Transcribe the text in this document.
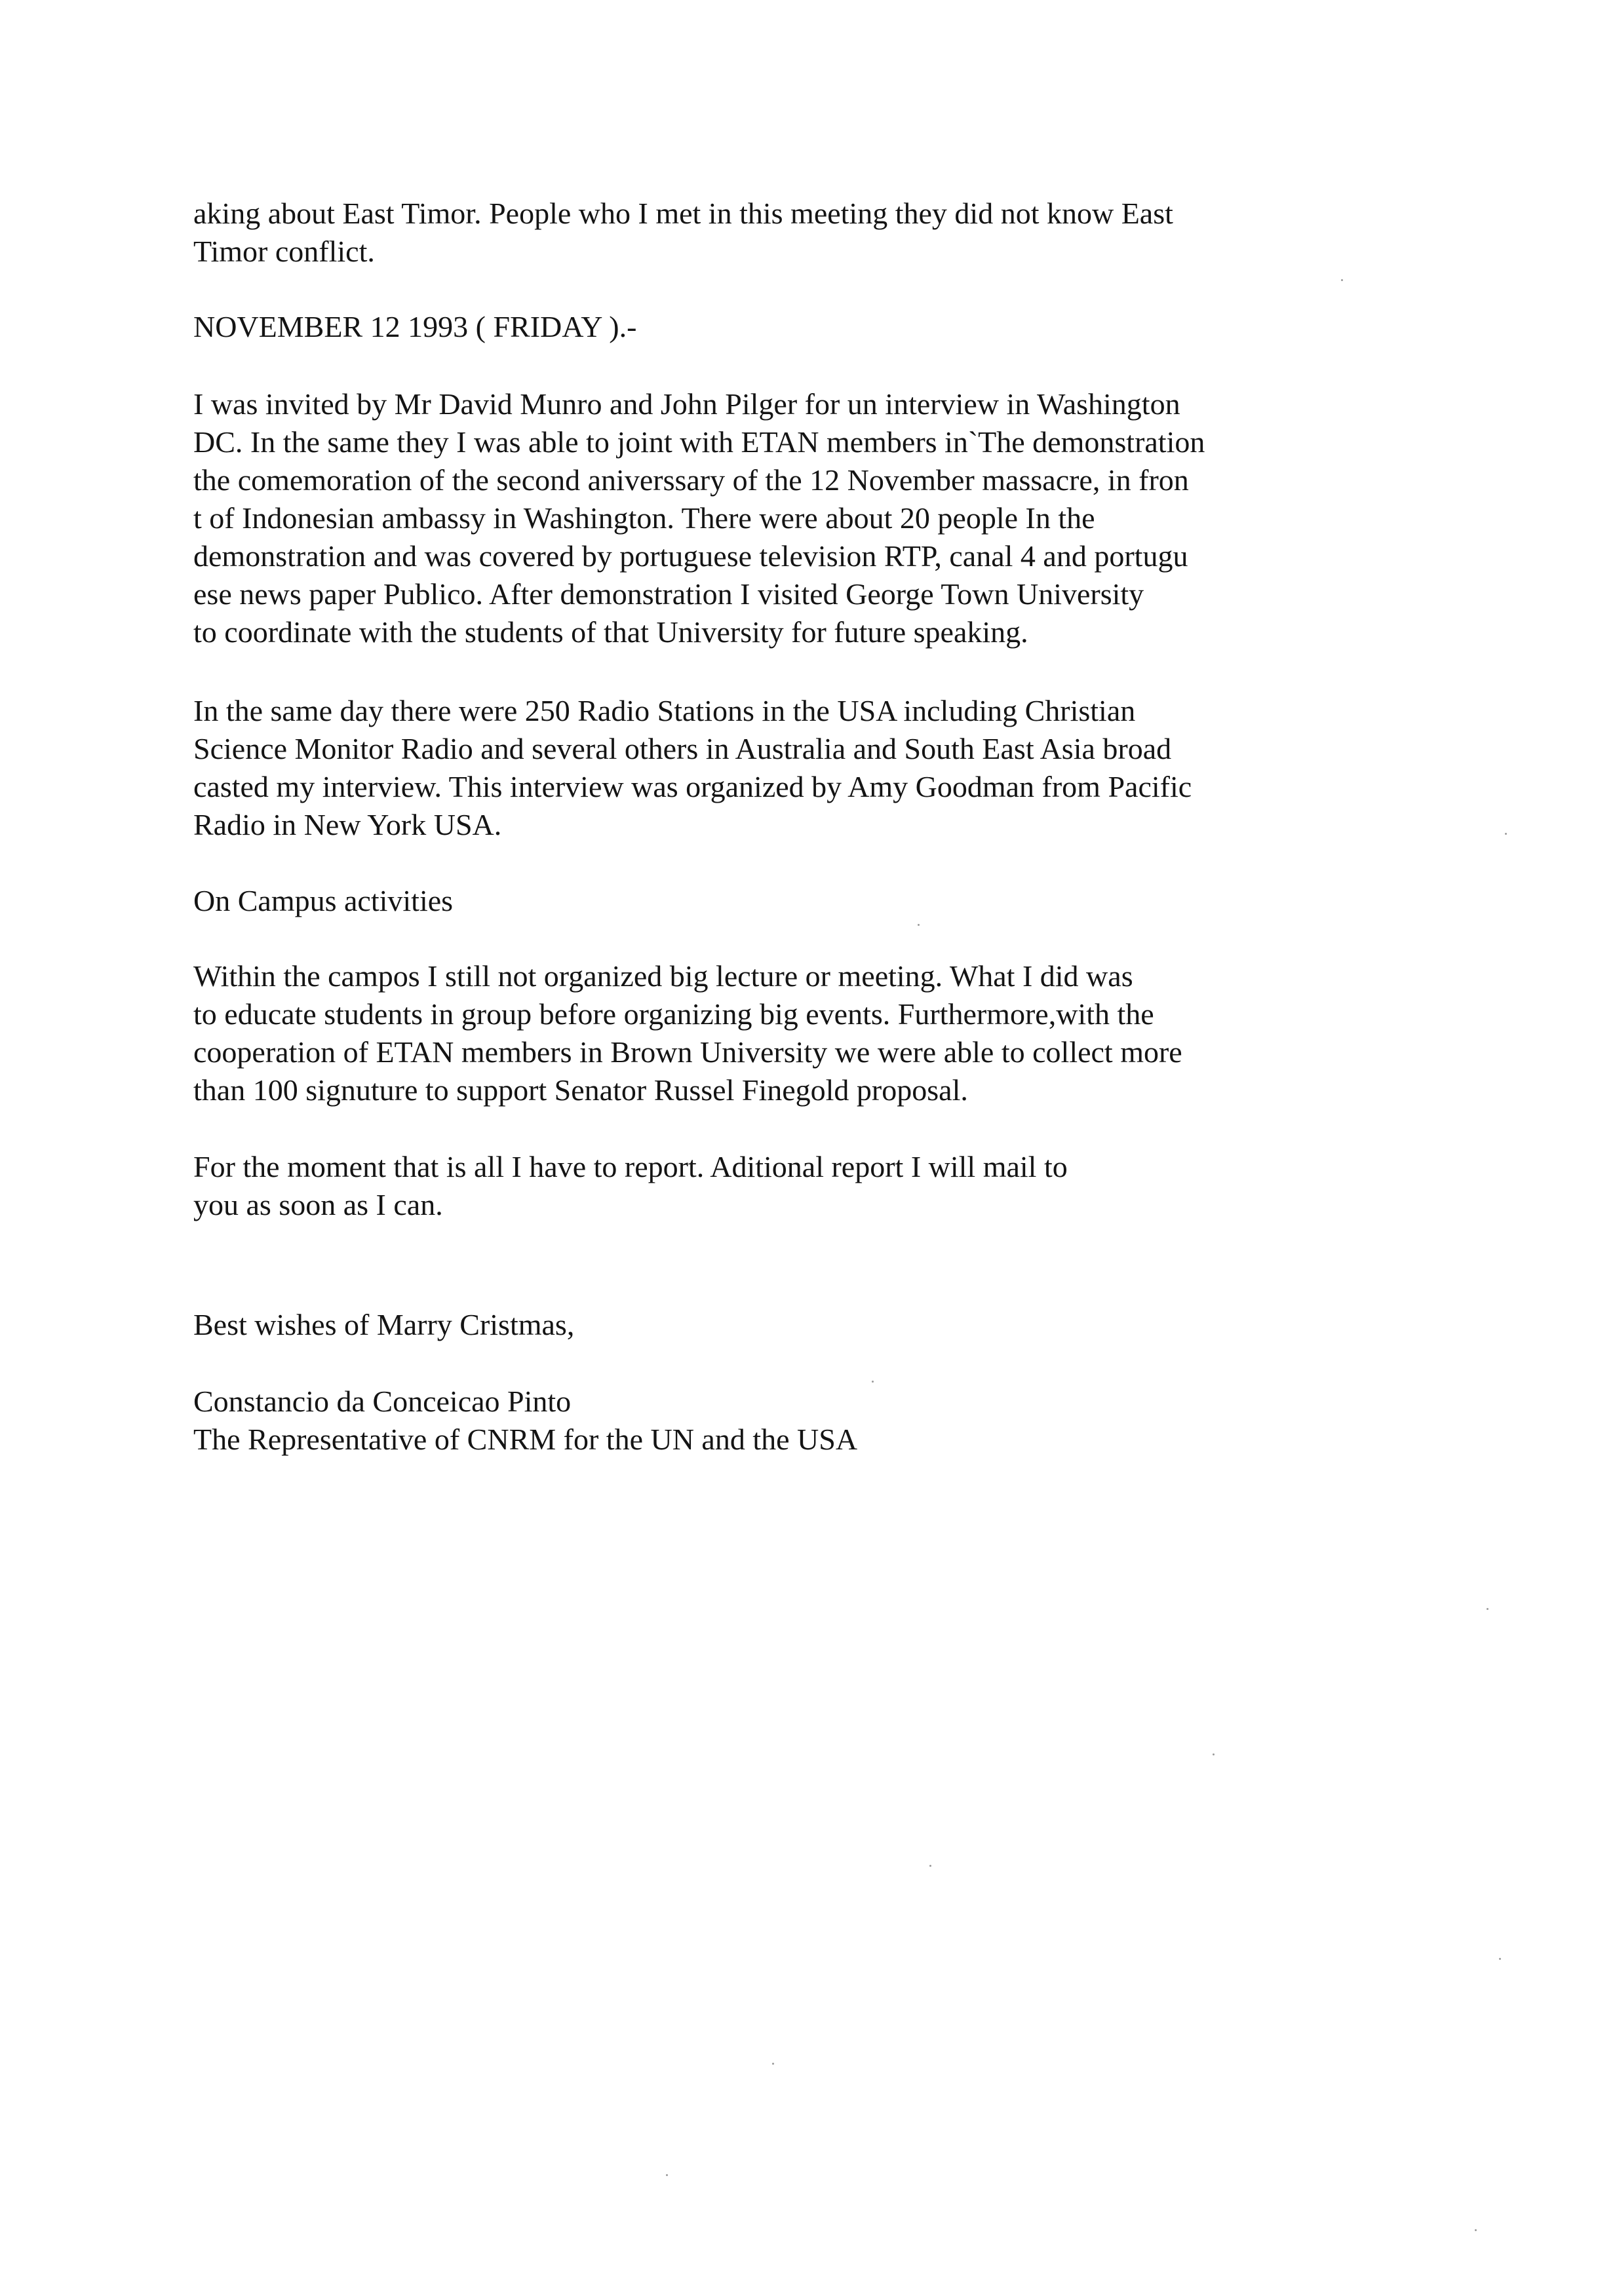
aking about East Timor. People who I met in this meeting they did not know East
Timor conflict.

NOVEMBER 12 1993 ( FRIDAY ).-

I was invited by Mr David Munro and John Pilger for un interview in Washington
DC. In the same they I was able to joint with ETAN members in`The demonstration
the comemoration of the second aniverssary of the 12 November massacre, in fron
t of Indonesian ambassy in Washington. There were about 20 people In the
demonstration and was covered by portuguese television RTP, canal 4 and portugu
ese news paper Publico. After demonstration I visited George Town University
to coordinate with the students of that University for future speaking.

In the same day there were 250 Radio Stations in the USA including Christian
Science Monitor Radio and several others in Australia and South East Asia broad
casted my interview. This interview was organized by Amy Goodman from Pacific
Radio in New York USA.

On Campus activities

Within the campos I still not organized big lecture or meeting. What I did was
to educate students in group before organizing big events. Furthermore,with the
cooperation of ETAN members in Brown University we were able to collect more
than 100 signuture to support Senator Russel Finegold proposal.

For the moment that is all I have to report. Aditional report I will mail to
you as soon as I can.

Best wishes of Marry Cristmas,

Constancio da Conceicao Pinto
The Representative of CNRM for the UN and the USA
